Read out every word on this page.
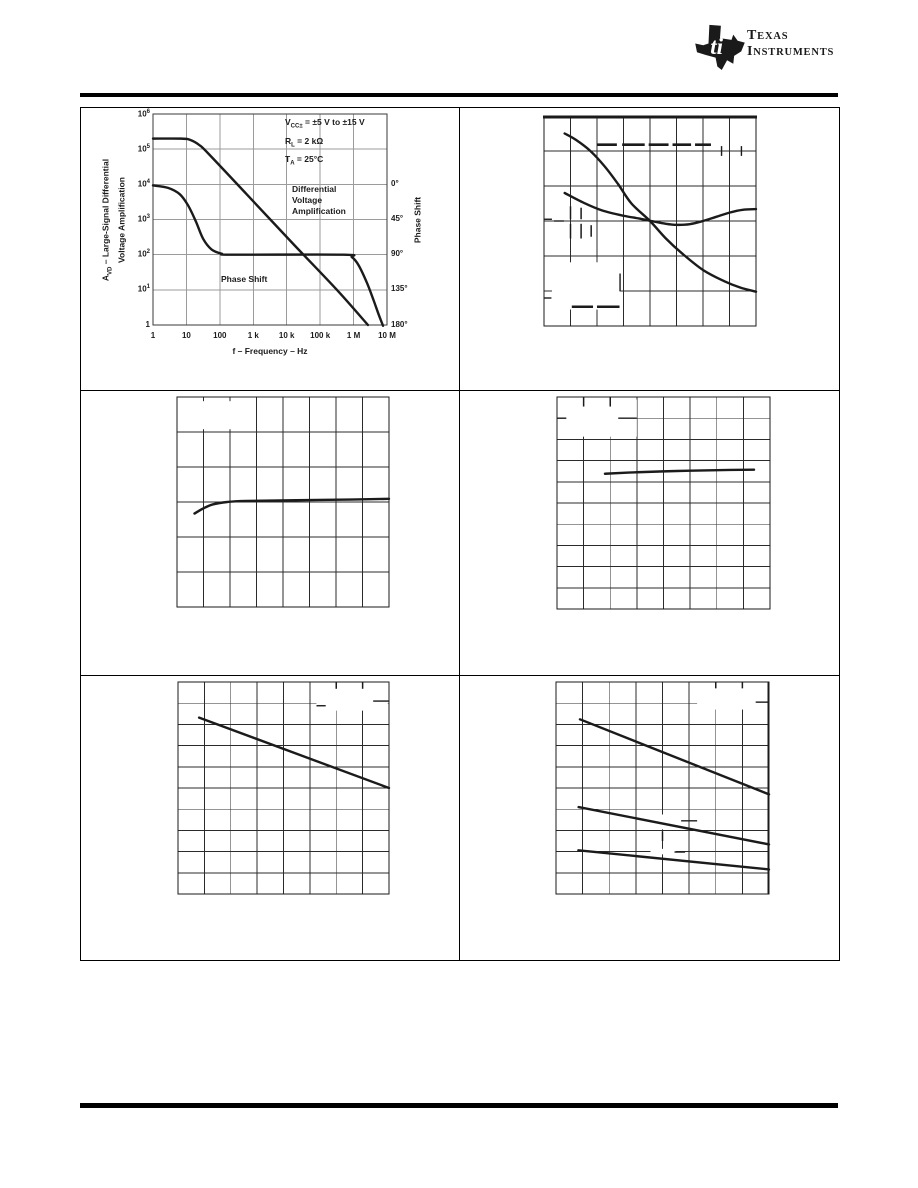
ti TEXAS
INSTRUMENTS
$10^6$
$10^5$
$10^4$
$10^3$
$10^2$
$10^1$
1
0°
45°
90°
135°
180°
1	10	100	1 k	10 k	100 k	1 M	10 M
f – Frequency – Hz
$A_{VD}$ – Large-Signal Differential Voltage Amplification	Phase Shift
$V_{CC\pm} = \pm 5$ V to ±15 V
$R_L = 2$ kΩ
$T_A = 25^\circ C$
Differential
Voltage
Amplification
Phase Shift
